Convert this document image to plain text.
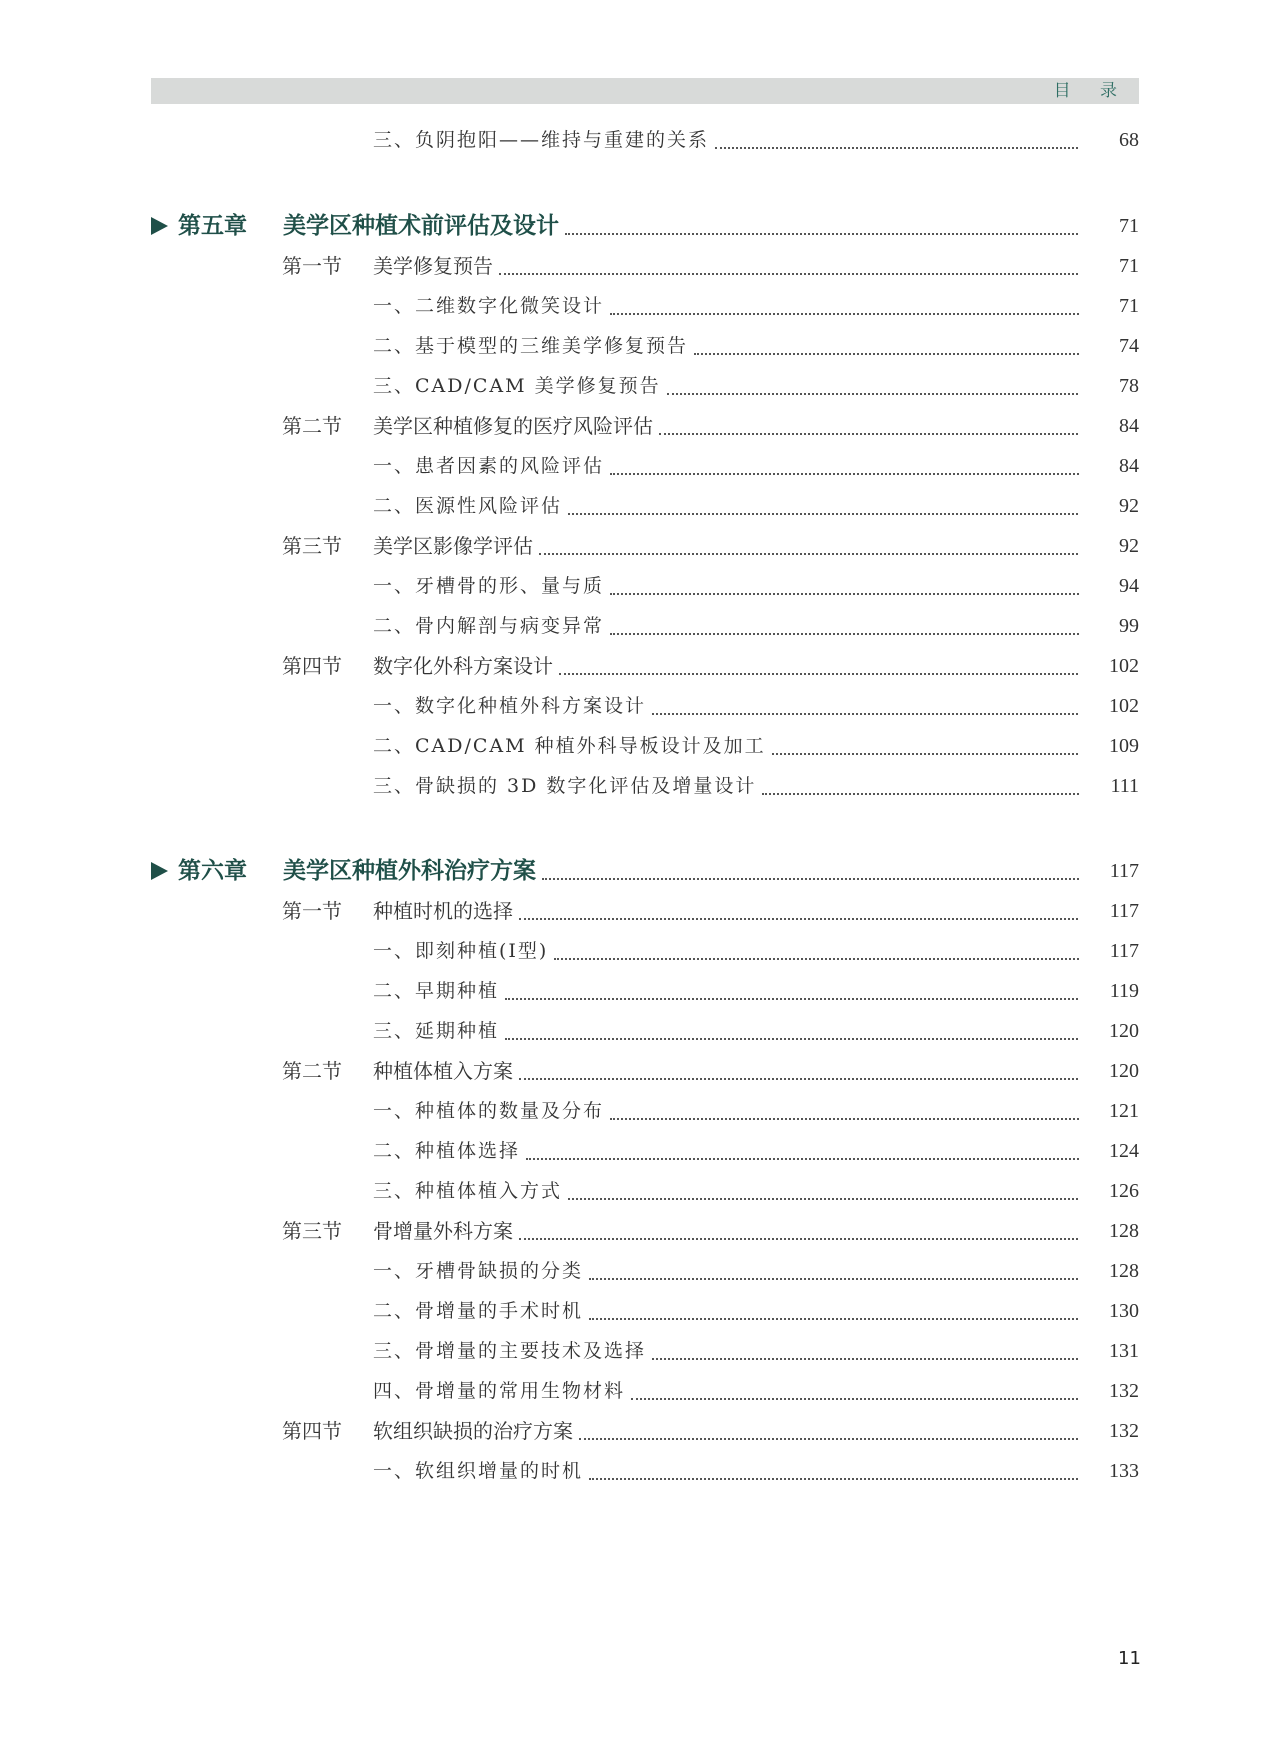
目 录
三、负阴抱阳——维持与重建的关系	68
第五章 美学区种植术前评估及设计	71
第一节 美学修复预告	71
一、二维数字化微笑设计	71
二、基于模型的三维美学修复预告	74
三、CAD/CAM 美学修复预告	78
第二节 美学区种植修复的医疗风险评估	84
一、患者因素的风险评估	84
二、医源性风险评估	92
第三节 美学区影像学评估	92
一、牙槽骨的形、量与质	94
二、骨内解剖与病变异常	99
第四节 数字化外科方案设计	102
一、数字化种植外科方案设计	102
二、CAD/CAM 种植外科导板设计及加工	109
三、骨缺损的 3D 数字化评估及增量设计	111
第六章 美学区种植外科治疗方案	117
第一节 种植时机的选择	117
一、即刻种植(Ⅰ型)	117
二、早期种植	119
三、延期种植	120
第二节 种植体植入方案	120
一、种植体的数量及分布	121
二、种植体选择	124
三、种植体植入方式	126
第三节 骨增量外科方案	128
一、牙槽骨缺损的分类	128
二、骨增量的手术时机	130
三、骨增量的主要技术及选择	131
四、骨增量的常用生物材料	132
第四节 软组织缺损的治疗方案	132
一、软组织增量的时机	133
11
